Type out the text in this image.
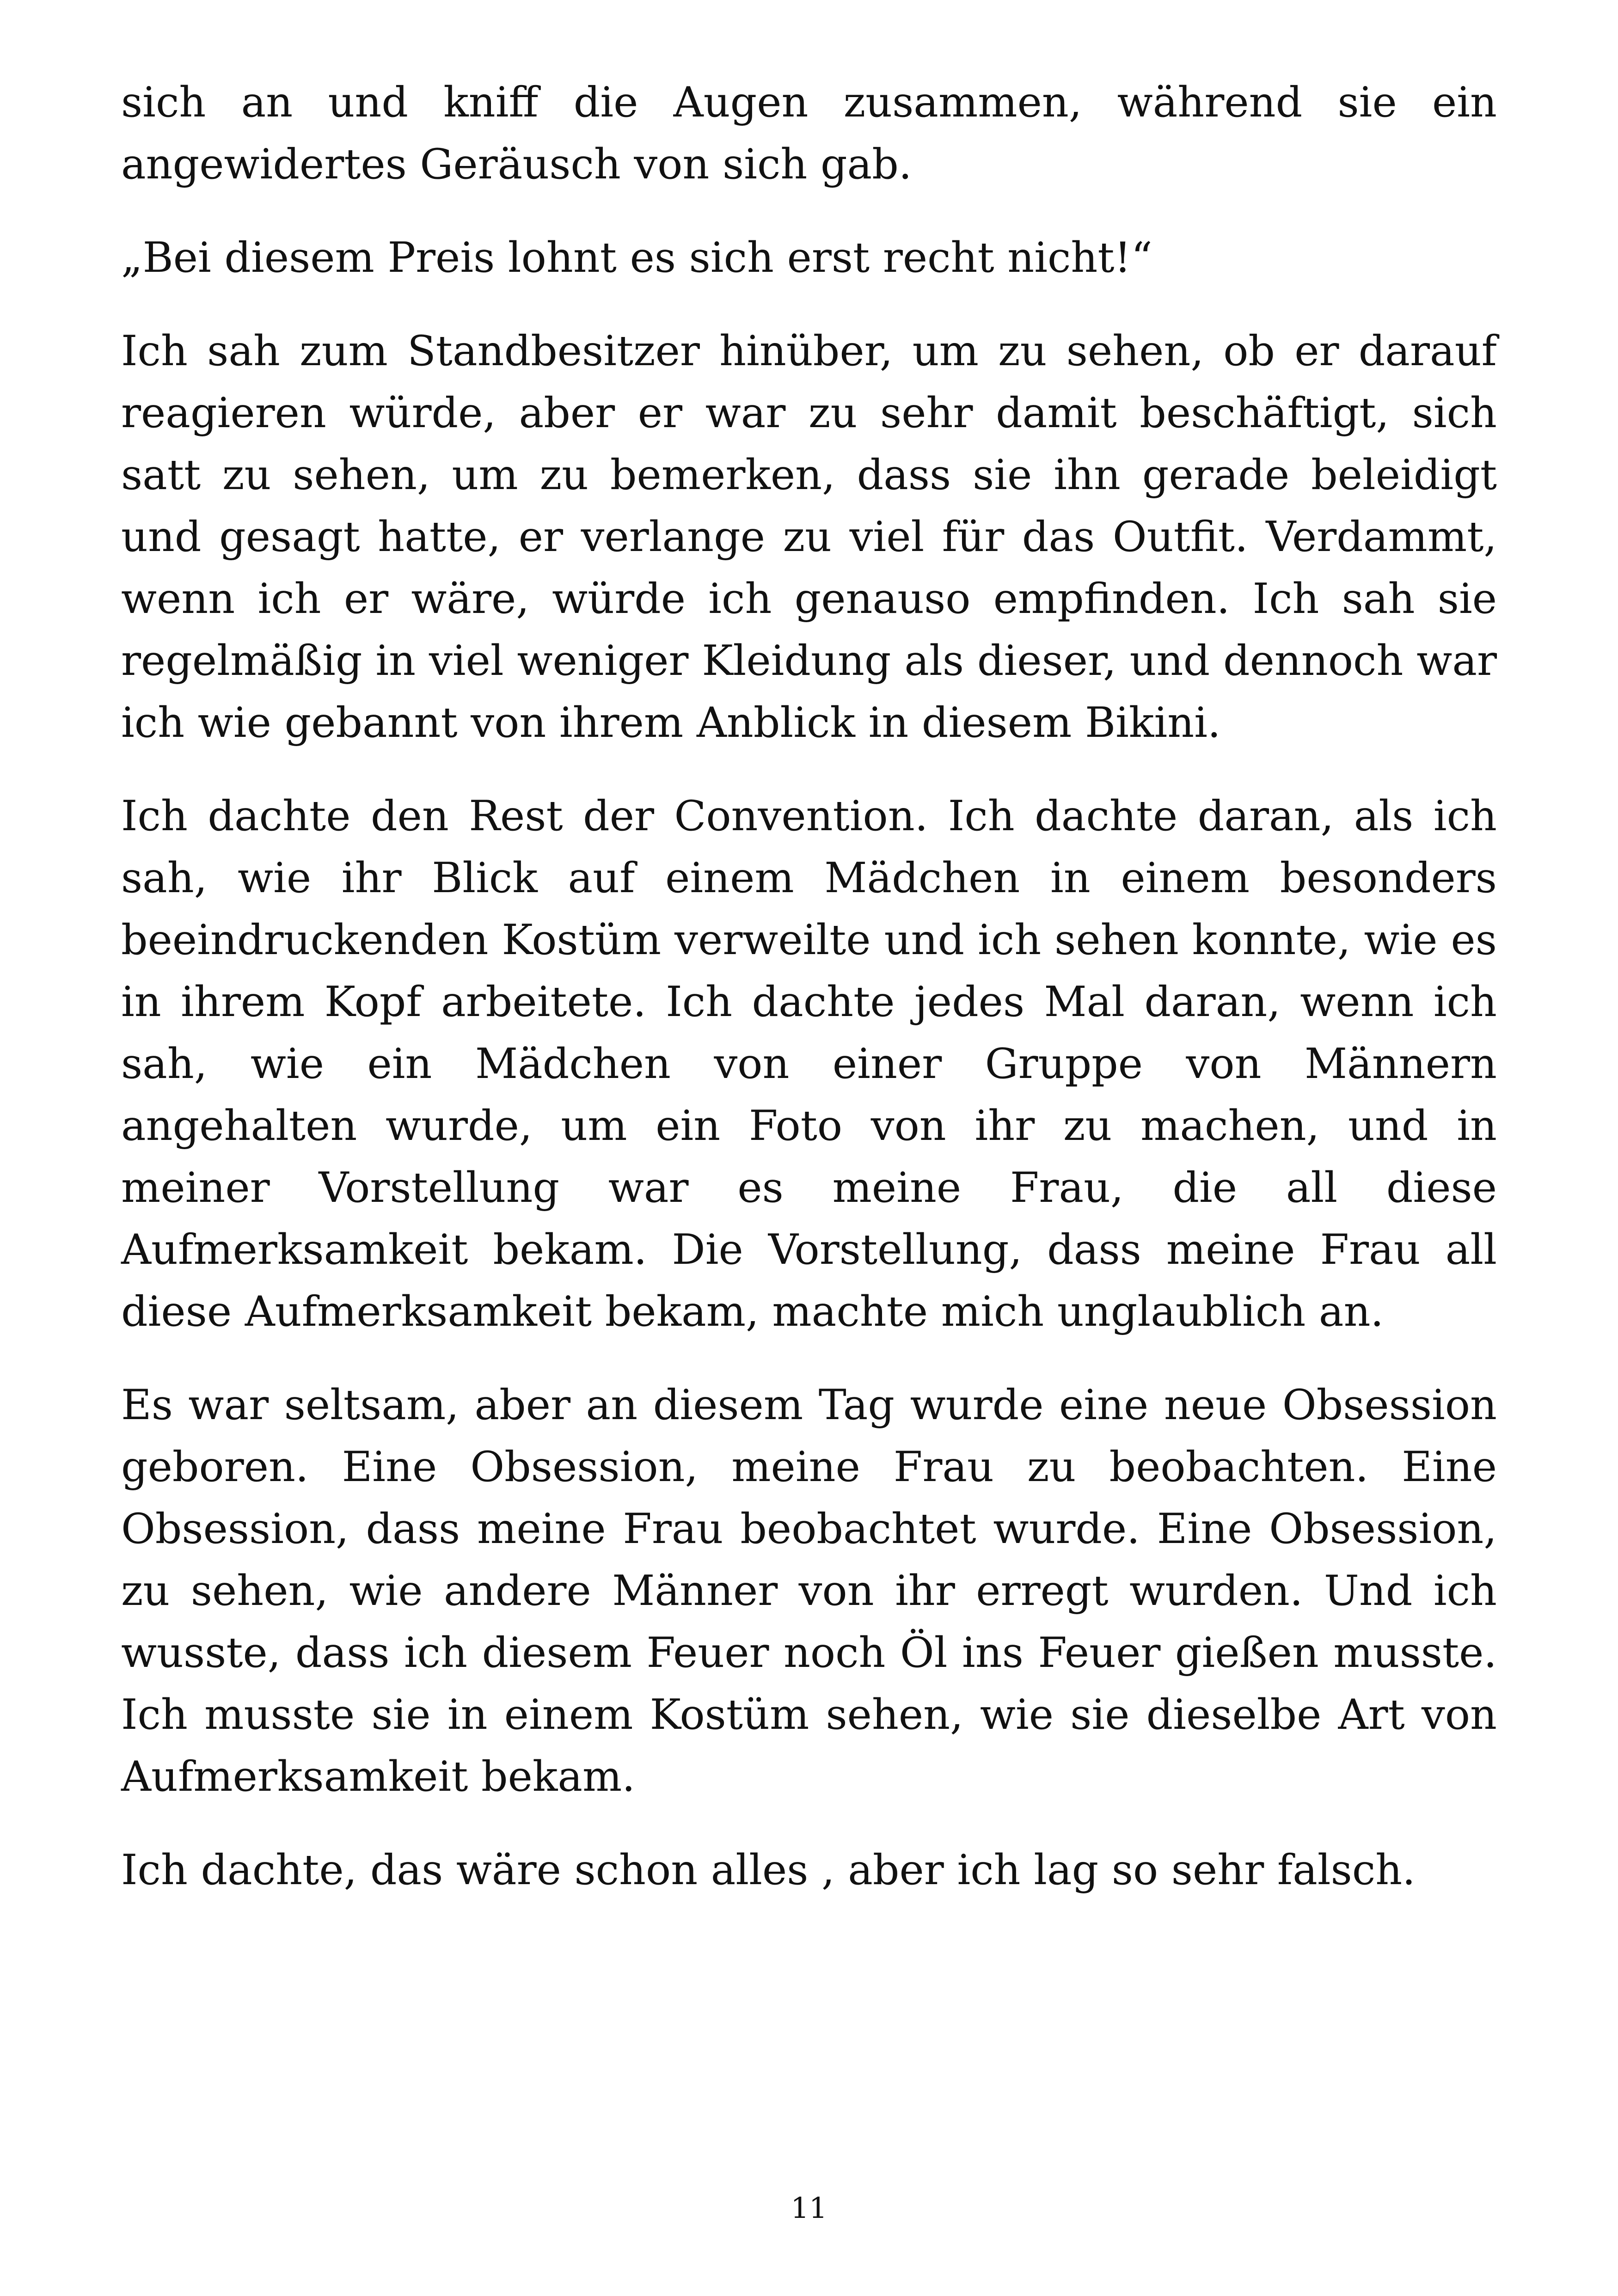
sich an und kniff die Augen zusammen, während sie ein angewidertes Geräusch von sich gab.

„Bei diesem Preis lohnt es sich erst recht nicht!“

Ich sah zum Standbesitzer hinüber, um zu sehen, ob er darauf reagieren würde, aber er war zu sehr damit beschäftigt, sich satt zu sehen, um zu bemerken, dass sie ihn gerade beleidigt und gesagt hatte, er verlange zu viel für das Outfit. Verdammt, wenn ich er wäre, würde ich genauso empfinden. Ich sah sie regelmäßig in viel weniger Kleidung als dieser, und dennoch war ich wie gebannt von ihrem Anblick in diesem Bikini.

Ich dachte den Rest der Convention. Ich dachte daran, als ich sah, wie ihr Blick auf einem Mädchen in einem besonders beeindruckenden Kostüm verweilte und ich sehen konnte, wie es in ihrem Kopf arbeitete. Ich dachte jedes Mal daran, wenn ich sah, wie ein Mädchen von einer Gruppe von Männern angehalten wurde, um ein Foto von ihr zu machen, und in meiner Vorstellung war es meine Frau, die all diese Aufmerksamkeit bekam. Die Vorstellung, dass meine Frau all diese Aufmerksamkeit bekam, machte mich unglaublich an.

Es war seltsam, aber an diesem Tag wurde eine neue Obsession geboren. Eine Obsession, meine Frau zu beobachten. Eine Obsession, dass meine Frau beobachtet wurde. Eine Obsession, zu sehen, wie andere Männer von ihr erregt wurden. Und ich wusste, dass ich diesem Feuer noch Öl ins Feuer gießen musste. Ich musste sie in einem Kostüm sehen, wie sie dieselbe Art von Aufmerksamkeit bekam.

Ich dachte, das wäre schon alles , aber ich lag so sehr falsch.

11
